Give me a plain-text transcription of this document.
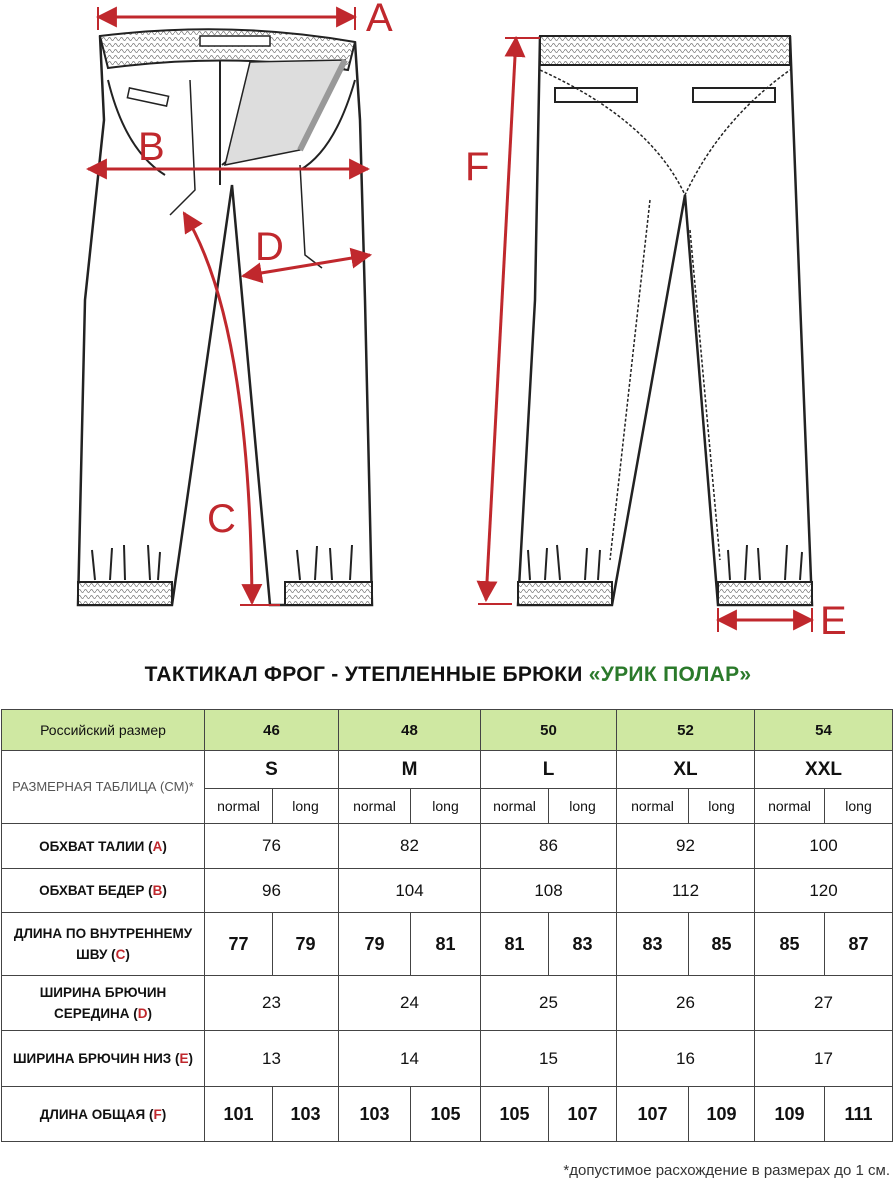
A
B
D
C
F
E
ТАКТИКАЛ ФРОГ - УТЕПЛЕННЫЕ БРЮКИ «УРИК ПОЛАР»
Российский размер	46		48		50		52		54	
РАЗМЕРНАЯ ТАБЛИЦА (СМ)*	S		M		L		XL		XXL	
	normal	long	normal	long	normal	long	normal	long	normal	long
ОБХВАТ ТАЛИИ (A)	76		82		86		92		100	
ОБХВАТ БЕДЕР (B)	96		104		108		112		120	
ДЛИНА ПО ВНУТРЕННЕМУ ШВУ (C)	77	79	79	81	81	83	83	85	85	87
ШИРИНА БРЮЧИН СЕРЕДИНА (D)	23		24		25		26		27	
ШИРИНА БРЮЧИН НИЗ (E)	13		14		15		16		17	
ДЛИНА ОБЩАЯ (F)	101	103	103	105	105	107	107	109	109	111
*допустимое расхождение в размерах до 1 см.
